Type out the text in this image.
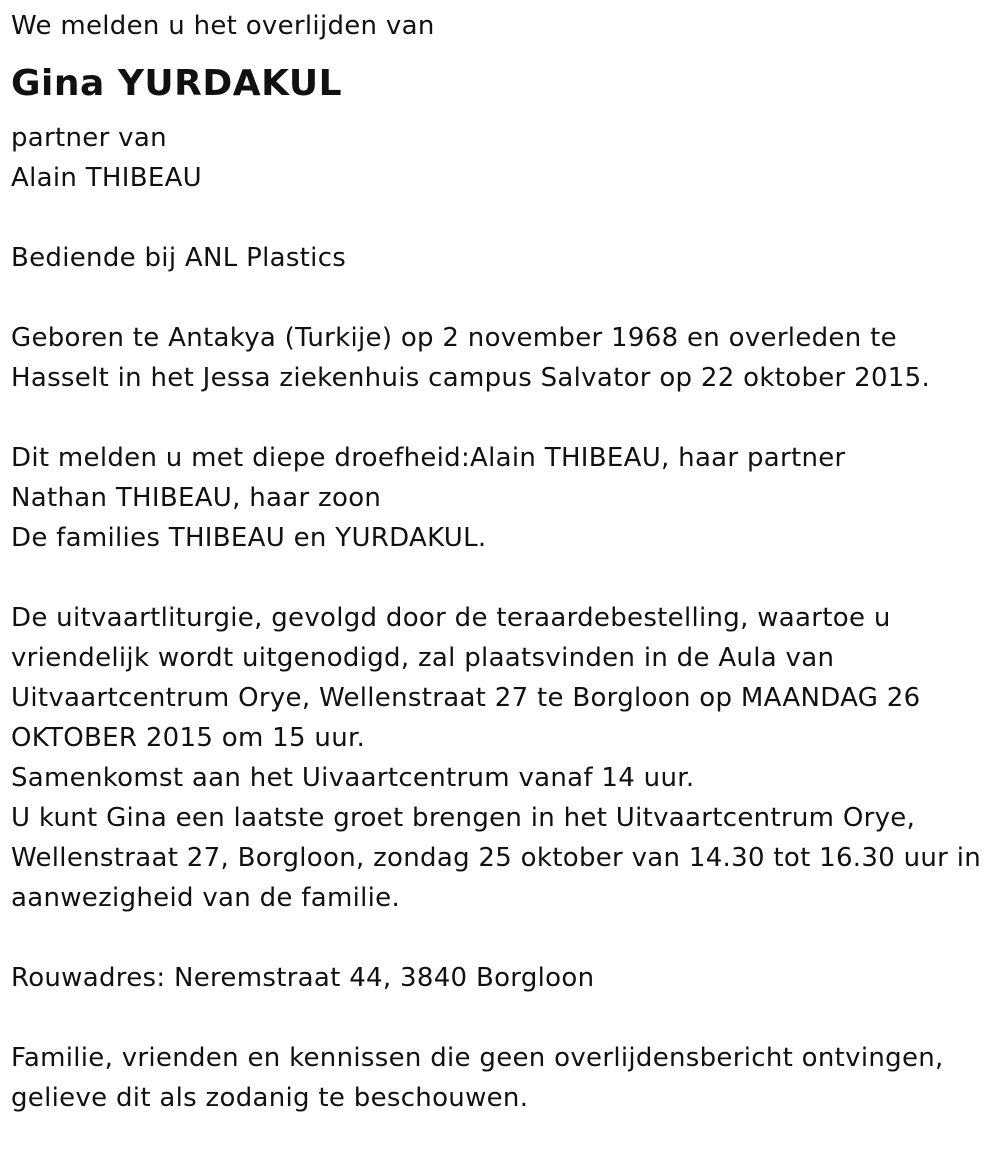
We melden u het overlijden van
Gina YURDAKUL
partner van
Alain THIBEAU
Bediende bij ANL Plastics
Geboren te Antakya (Turkije) op 2 november 1968 en overleden te
Hasselt in het Jessa ziekenhuis campus Salvator op 22 oktober 2015.
Dit melden u met diepe droefheid:Alain THIBEAU, haar partner
Nathan THIBEAU, haar zoon
De families THIBEAU en YURDAKUL.
De uitvaartliturgie, gevolgd door de teraardebestelling, waartoe u
vriendelijk wordt uitgenodigd, zal plaatsvinden in de Aula van
Uitvaartcentrum Orye, Wellenstraat 27 te Borgloon op MAANDAG 26
OKTOBER 2015 om 15 uur.
Samenkomst aan het Uivaartcentrum vanaf 14 uur.
U kunt Gina een laatste groet brengen in het Uitvaartcentrum Orye,
Wellenstraat 27, Borgloon, zondag 25 oktober van 14.30 tot 16.30 uur in
aanwezigheid van de familie.
Rouwadres: Neremstraat 44, 3840 Borgloon
Familie, vrienden en kennissen die geen overlijdensbericht ontvingen,
gelieve dit als zodanig te beschouwen.
